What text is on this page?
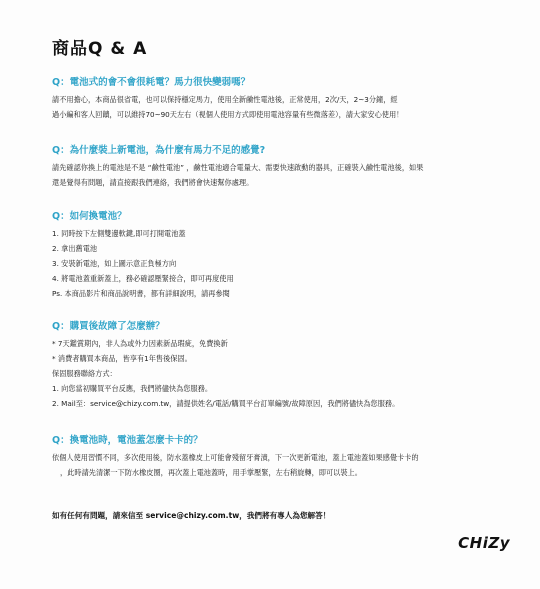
商品Q & A
Q：電池式的會不會很耗電？馬力很快變弱嗎？
請不用擔心，本商品很省電，也可以保持穩定馬力，使用全新鹼性電池後，正常使用，2次/天，2~3分鐘，經
過小編和客人回饋，可以維持70~90天左右（視個人使用方式即使用電池容量有些微落差），請大家安心使用！
Q：為什麼裝上新電池，為什麼有馬力不足的感覺?
請先確認你換上的電池是不是 “鹼性電池” ，鹼性電池適合電量大、需要快速啟動的器具，正確裝入鹼性電池後，如果
還是覺得有問題，請直接跟我們連絡，我們將會快速幫你處理。
Q：如何換電池？
1. 同時按下左側雙邊軟鍵,即可打開電池蓋
2. 拿出舊電池
3. 安裝新電池，如上圖示意正負極方向
4. 將電池蓋重新蓋上，務必確認壓緊接合，即可再度使用
Ps. 本商品影片和商品說明書，都有詳細說明，請再參閱
Q：購買後故障了怎麼辦？
* 7天鑑賞期內，非人為或外力因素新品瑕疵，免費換新
* 消費者購買本商品，皆享有1年售後保固。
保固服務聯絡方式：
1. 向您當初購買平台反應，我們將儘快為您服務。
2. Mail至：service@chizy.com.tw，請提供姓名/電話/購買平台訂單編號/故障原因，我們將儘快為您服務。
Q：換電池時，電池蓋怎麼卡卡的？
依個人使用習慣不同，多次使用後，防水蓋橡皮上可能會殘留牙膏漬，下一次更新電池，蓋上電池蓋如果感覺卡卡的
，此時請先清潔一下防水橡皮圈，再次蓋上電池蓋時，用手掌壓緊，左右稍旋轉，即可以裝上。
如有任何有問題，請來信至 service@chizy.com.tw，我們將有專人為您解答！
CHiZy
